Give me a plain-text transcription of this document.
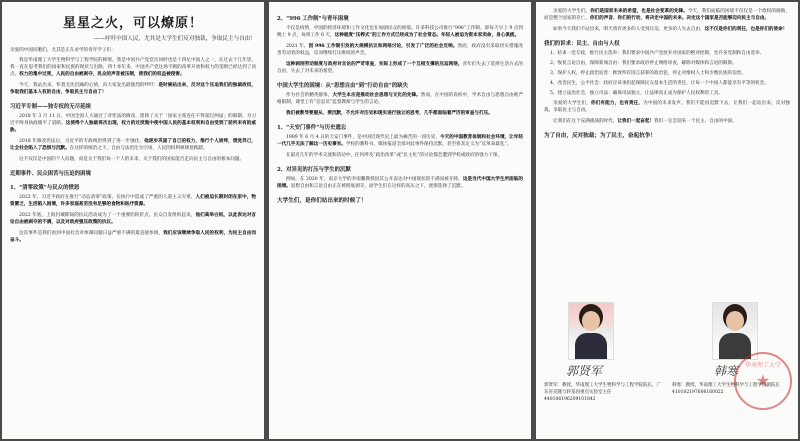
星星之火，可以燎原！
——呼吁中国人民，尤其是大学生们反对独裁，争取民主与自由！
亲爱的中国同胞们，尤其是正在求学的青年学子们：

我是华南理工大学生物科学与工程学院的韩寒。我是中国共产党党员同时也是十四亿中国人之一，在过去十几年里，我一直在思考我们的国家和民族的现状与出路，四十多年来，中国共产党这场不断的改革开放和权力的垄断已经达到了顶点。权力的集中过度，人民的自由被剥夺，民众的声音被压制，使我们的权益被侵害。

今天，我站出来，怀着无比沉痛的心情，向大家发出最强烈的呼吁：是时候站出来，反对这个压迫我们的独裁政权，争取我们基本人权的自由，争取民主与自由了！

习近平专制——独专权的无尽延续

2018 年 3 月 11 日，中国全国人大通过了对宪法的修改，废除了关于「国家主席连任不得超过两届」的限制。为习近平终身执政铺平了道路。这使得个人独裁再次出现，权力的过度集中使中国人民的基本权利和自由受到了前所未有的威胁。

2018 年修改宪法后，习近平的专政统治得到了进一步强化。他逐步巩固了自己的权力，推行个人崇拜，清洗异己，让全社会陷入了恐惧与沉默。在这样的统治之下，自由与法治沦为空谈，人民的权利被肆意践踏。

这不仅仅是中国的个人问题，而是关于我们每一个人的未来，关于我们的国家能否走向民主与自由的根本问题。

近期事件、民众困苦与压迫的困境
1、“清零政策”与民众的愤怒

2022 年，习近平政府在推行“动态清零”政策，在执行中造成了严重的人道主义灾难，人们被迫长期封闭在家中，物资匮乏，生活陷入困境，许多家庭甚至没有足够的食物和医疗资源。

2022 年底，上海封城期间的抗议活动成为了一个重要的转折点。民众自发组织起来，他们高举白纸，以此表达对言论自由被剥夺的不满，以及对政府强压政策的抗议。

这次事件是我们看到中国社会对体制问题日益严重不满的最直接体现，我们应该继续争取人民的权利，为民主自由而奋斗。

2、“996 工作制”与青年困境

不仅是疫情，中国的经济环境和工作文化也在加剧民众的困境。许多科技公司推行“996”工作制，即每天早上 9 点到晚上 9 点，每周工作 6 天，这种极度“压榨式”的工作方式已经成为了社会常态。年轻人被迫为资本家卖命，身心俱疲。

2021 年，因 996 工作制引发的大规模抗议和网络讨论，引发了广泛的社会反响。然而，政府没有采取切实措施改善劳动者的权益，反而继续打压维权的声音。

这种剥削劳动制度与政府对言论的严苛审查，实际上形成了一个互相支撑的压迫网络，青年们失去了选择生活方式的自由，失去了对未来的希望。

中国大学生的困境：从“思想自由”到“行动自由”的缺失

作为社会的精英群体，大学生本应是推动社会思想与文化的先锋。然而，在中国的高校中，学术自由与思想自由被严格限制，课堂上有“信息员”监督教师与学生的言论。

我们被教导要服从、要沉默，不允许对历史和现实进行独立的思考，几乎都面临着严厉的审查与打压。

1、“天安门事件”与历史遗忘

1989 年 6 月 4 日的天安门事件，是中国近现代史上最为痛苦的一段历史，今天的中国教育体制和社会环境，让年轻一代几乎无法了解这一历史事实。学校的教科书、媒体报道全部对此事件保持沉默，甚至将其定义为“反革命暴乱”。

在最近几年的学术交流和活动中，任何涉及“政治改革”或“民主化”的讨论都会遭到学校或政府的强力干预。

2、对异见的打压与学生的沉默

例如，在 2020 年，南京大学的李南鹏教授因其公开表达对中国现状的不满而被开除，这是当代中国大学生所面临的困境。思想自由和言论自由正在被彻底剥夺，而学生们在这样的高压之下，逐渐选择了沉默。

大学生们，是你们站出来的时候了！

亲爱的大学生们，你们是国家未来的希望，也是社会变革的先锋。今天，我们面临的困境不仅仅是一个政权的腐败，而是整个国家的存亡。你们的声音、你们的行动，将决定中国的未来。决定这个国家是否能够迈向民主与自由。

如果今天我们不站出来，明天将有更多的人受到压迫，更多的人失去自由，这不仅是你们的责任，也是你们的使命！

我们的诉求：民主、自由与人权
1、结束一党专政，推行民主选举：我们要求中国共产党放弃对国家的绝对控制，允许多党制和自由选举。
2、恢复言论自由，保障新闻自由：我们要求政府停止网络审查，解除对媒体和言论的限制。
3、保护人权，停止政治迫害：释放所有因言获罪的政治犯，停止对维权人士和少数民族的迫害。
4、改善民生，公平社会：政府应该承担起保障民众基本生活的责任，让每一个中国人都能享有平等的机会。
5、建立法治社会，独立司法：确保司法独立，让法律真正成为保护人民权利的工具。

亲爱的大学生们，你们有能力，也有责任，为中国的未来发声。我们不能再沉默下去，让我们一起站出来，反对独裁，争取民主与自由。

让我们在这个充满挑战的时代，让我们一起奋起！我们一定会迎来一个民主、自由的中国。

为了自由，反对独裁；为了民主，奋起抗争！
郭贤军	韩寒	华南理工大学
★
郭贤军：教授，华南理工大学生物科学与工程学院院长，广东省克隆与转基因重点实验室主任 440106196209101842
韩寒：教授，华南理工大学生物科学与工程学院副院长 410102197606160022
